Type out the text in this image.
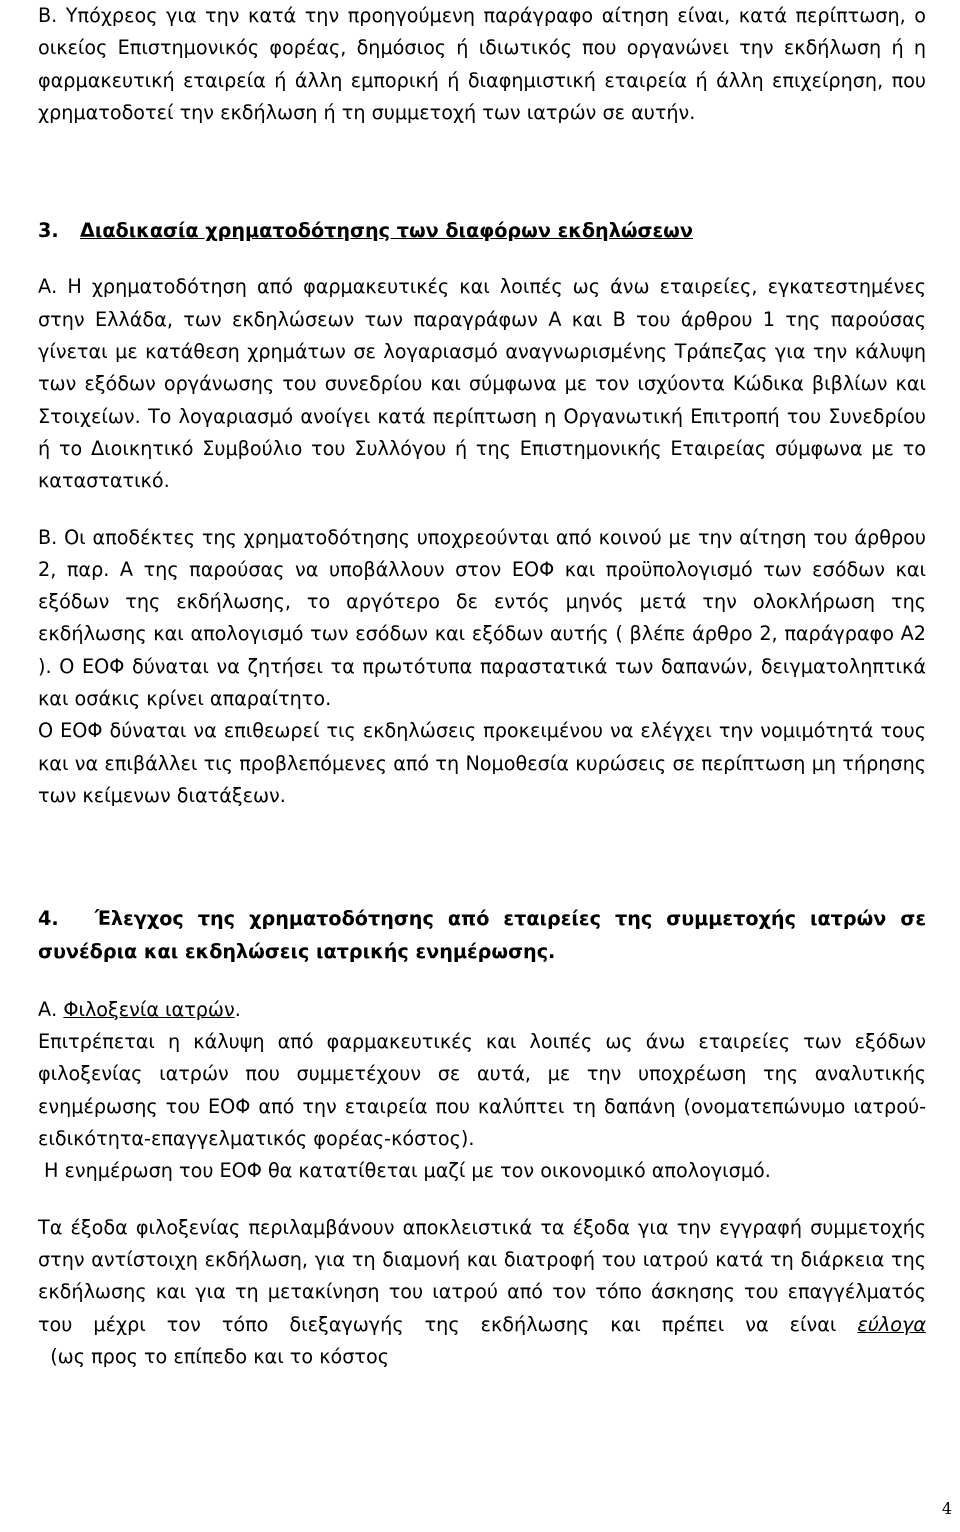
Β. Υπόχρεος για την κατά την προηγούμενη παράγραφο αίτηση είναι, κατά περίπτωση, ο οικείος Επιστημονικός φορέας, δημόσιος ή ιδιωτικός που οργανώνει την εκδήλωση ή η φαρμακευτική εταιρεία ή άλλη εμπορική ή διαφημιστική εταιρεία ή άλλη επιχείρηση, που χρηματοδοτεί την εκδήλωση ή τη συμμετοχή των ιατρών σε αυτήν.

3. Διαδικασία χρηματοδότησης των διαφόρων εκδηλώσεων

Α. Η χρηματοδότηση από φαρμακευτικές και λοιπές ως άνω εταιρείες, εγκατεστημένες στην Ελλάδα, των εκδηλώσεων των παραγράφων Α και Β του άρθρου 1 της παρούσας γίνεται με κατάθεση χρημάτων σε λογαριασμό αναγνωρισμένης Τράπεζας για την κάλυψη των εξόδων οργάνωσης του συνεδρίου και σύμφωνα με τον ισχύοντα Κώδικα βιβλίων και Στοιχείων. Το λογαριασμό ανοίγει κατά περίπτωση η Οργανωτική Επιτροπή του Συνεδρίου ή το Διοικητικό Συμβούλιο του Συλλόγου ή της Επιστημονικής Εταιρείας σύμφωνα με το καταστατικό.

Β. Οι αποδέκτες της χρηματοδότησης υποχρεούνται από κοινού με την αίτηση του άρθρου 2, παρ. Α της παρούσας να υποβάλλουν στον ΕΟΦ και προϋπολογισμό των εσόδων και εξόδων της εκδήλωσης, το αργότερο δε εντός μηνός μετά την ολοκλήρωση της εκδήλωσης και απολογισμό των εσόδων και εξόδων αυτής ( βλέπε άρθρο 2, παράγραφο Α2 ). Ο ΕΟΦ δύναται να ζητήσει τα πρωτότυπα παραστατικά των δαπανών, δειγματοληπτικά και οσάκις κρίνει απαραίτητο.

Ο ΕΟΦ δύναται να επιθεωρεί τις εκδηλώσεις προκειμένου να ελέγχει την νομιμότητά τους και να επιβάλλει τις προβλεπόμενες από τη Νομοθεσία κυρώσεις σε περίπτωση μη τήρησης των κείμενων διατάξεων.

4. Έλεγχος της χρηματοδότησης από εταιρείες της συμμετοχής ιατρών σε συνέδρια και εκδηλώσεις ιατρικής ενημέρωσης.

Α. Φιλοξενία ιατρών.

Επιτρέπεται η κάλυψη από φαρμακευτικές και λοιπές ως άνω εταιρείες των εξόδων φιλοξενίας ιατρών που συμμετέχουν σε αυτά, με την υποχρέωση της αναλυτικής ενημέρωσης του ΕΟΦ από την εταιρεία που καλύπτει τη δαπάνη (ονοματεπώνυμο ιατρού-ειδικότητα-επαγγελματικός φορέας-κόστος).

Η ενημέρωση του ΕΟΦ θα κατατίθεται μαζί με τον οικονομικό απολογισμό.

Τα έξοδα φιλοξενίας περιλαμβάνουν αποκλειστικά τα έξοδα για την εγγραφή συμμετοχής στην αντίστοιχη εκδήλωση, για τη διαμονή και διατροφή του ιατρού κατά τη διάρκεια της εκδήλωσης και για τη μετακίνηση του ιατρού από τον τόπο άσκησης του επαγγέλματός του μέχρι τον τόπο διεξαγωγής της εκδήλωσης και πρέπει να είναι εύλογα  (ως προς το επίπεδο και το κόστος

4
